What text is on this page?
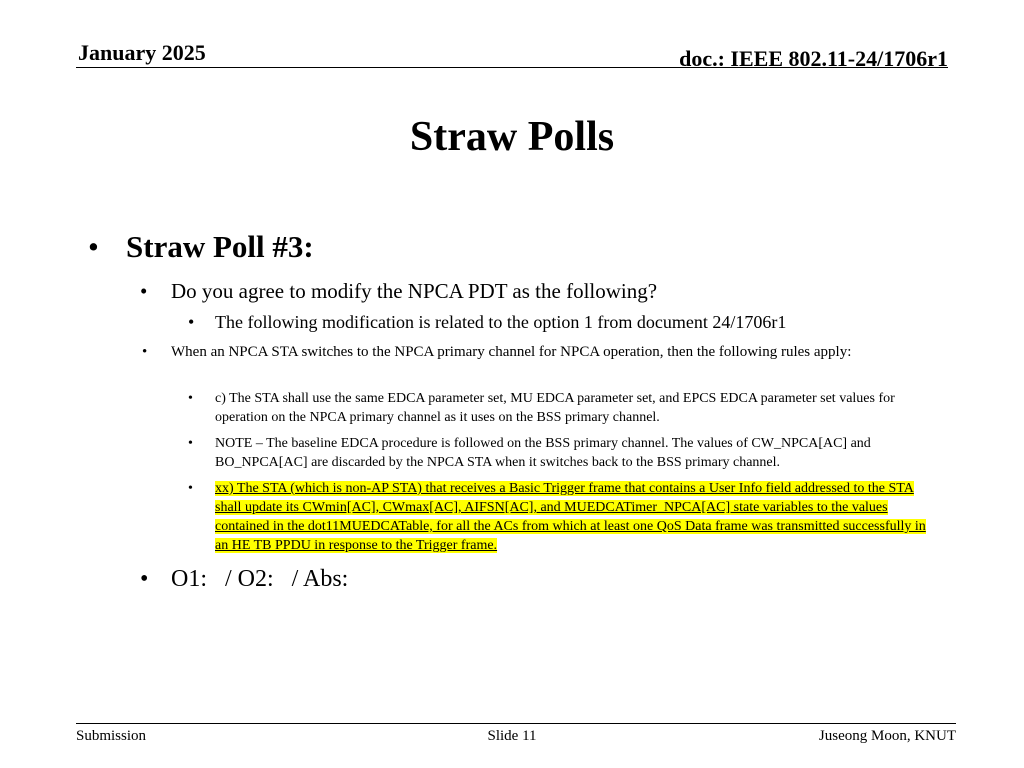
January 2025	doc.: IEEE 802.11-24/1706r1
Straw Polls
• Straw Poll #3:
•	Do you agree to modify the NPCA PDT as the following?
•	The following modification is related to the option 1 from document 24/1706r1
•	When an NPCA STA switches to the NPCA primary channel for NPCA operation, then the following rules apply:
•	c) The STA shall use the same EDCA parameter set, MU EDCA parameter set, and EPCS EDCA parameter set values for operation on the NPCA primary channel as it uses on the BSS primary channel.
•	NOTE – The baseline EDCA procedure is followed on the BSS primary channel. The values of CW_NPCA[AC] and BO_NPCA[AC] are discarded by the NPCA STA when it switches back to the BSS primary channel.
•	xx) The STA (which is non-AP STA) that receives a Basic Trigger frame that contains a User Info field addressed to the STA shall update its CWmin[AC], CWmax[AC], AIFSN[AC], and MUEDCATimer_NPCA[AC] state variables to the values contained in the dot11MUEDCATable, for all the ACs from which at least one QoS Data frame was transmitted successfully in an HE TB PPDU in response to the Trigger frame.
• O1:   / O2:   / Abs:
Submission	Slide 11	Juseong Moon, KNUT
